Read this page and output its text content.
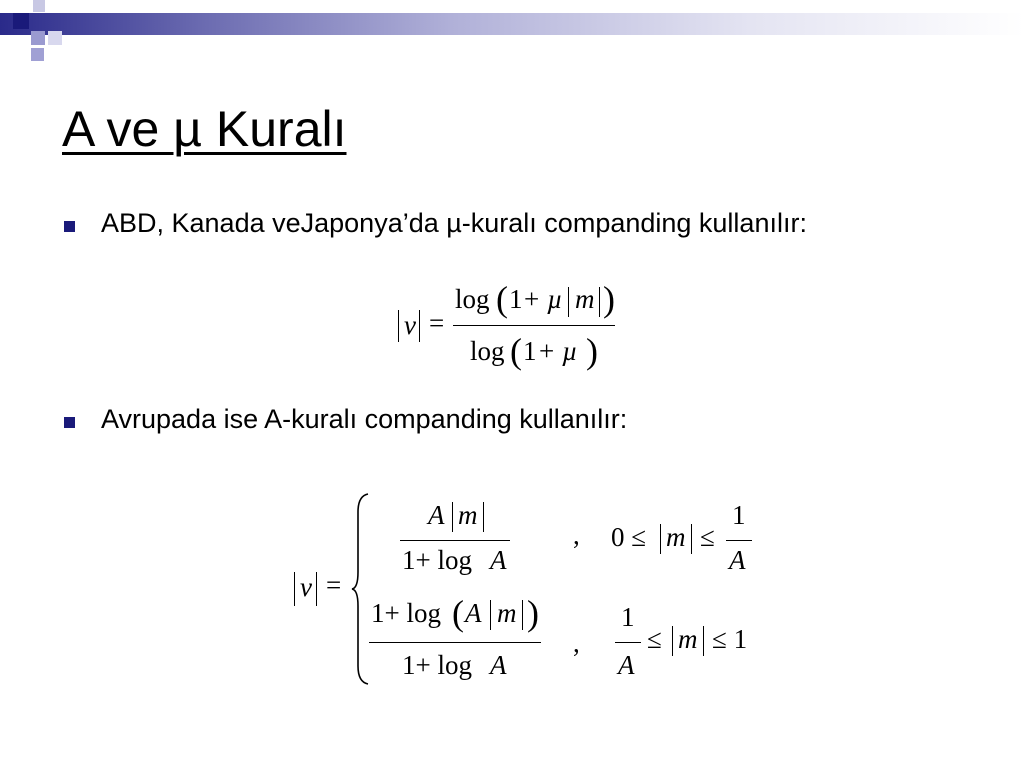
A ve µ Kuralı
ABD, Kanada veJaponya’da µ-kuralı companding kullanılır:
v =
log ( 1 + µ m )
log ( 1 + µ )
Avrupada ise A-kuralı companding kullanılır:
v =
A m
1+ log A
, 0 ≤ m ≤
1
A
1+ log ( A m )
1+ log A
,
1
A
≤ m ≤ 1
